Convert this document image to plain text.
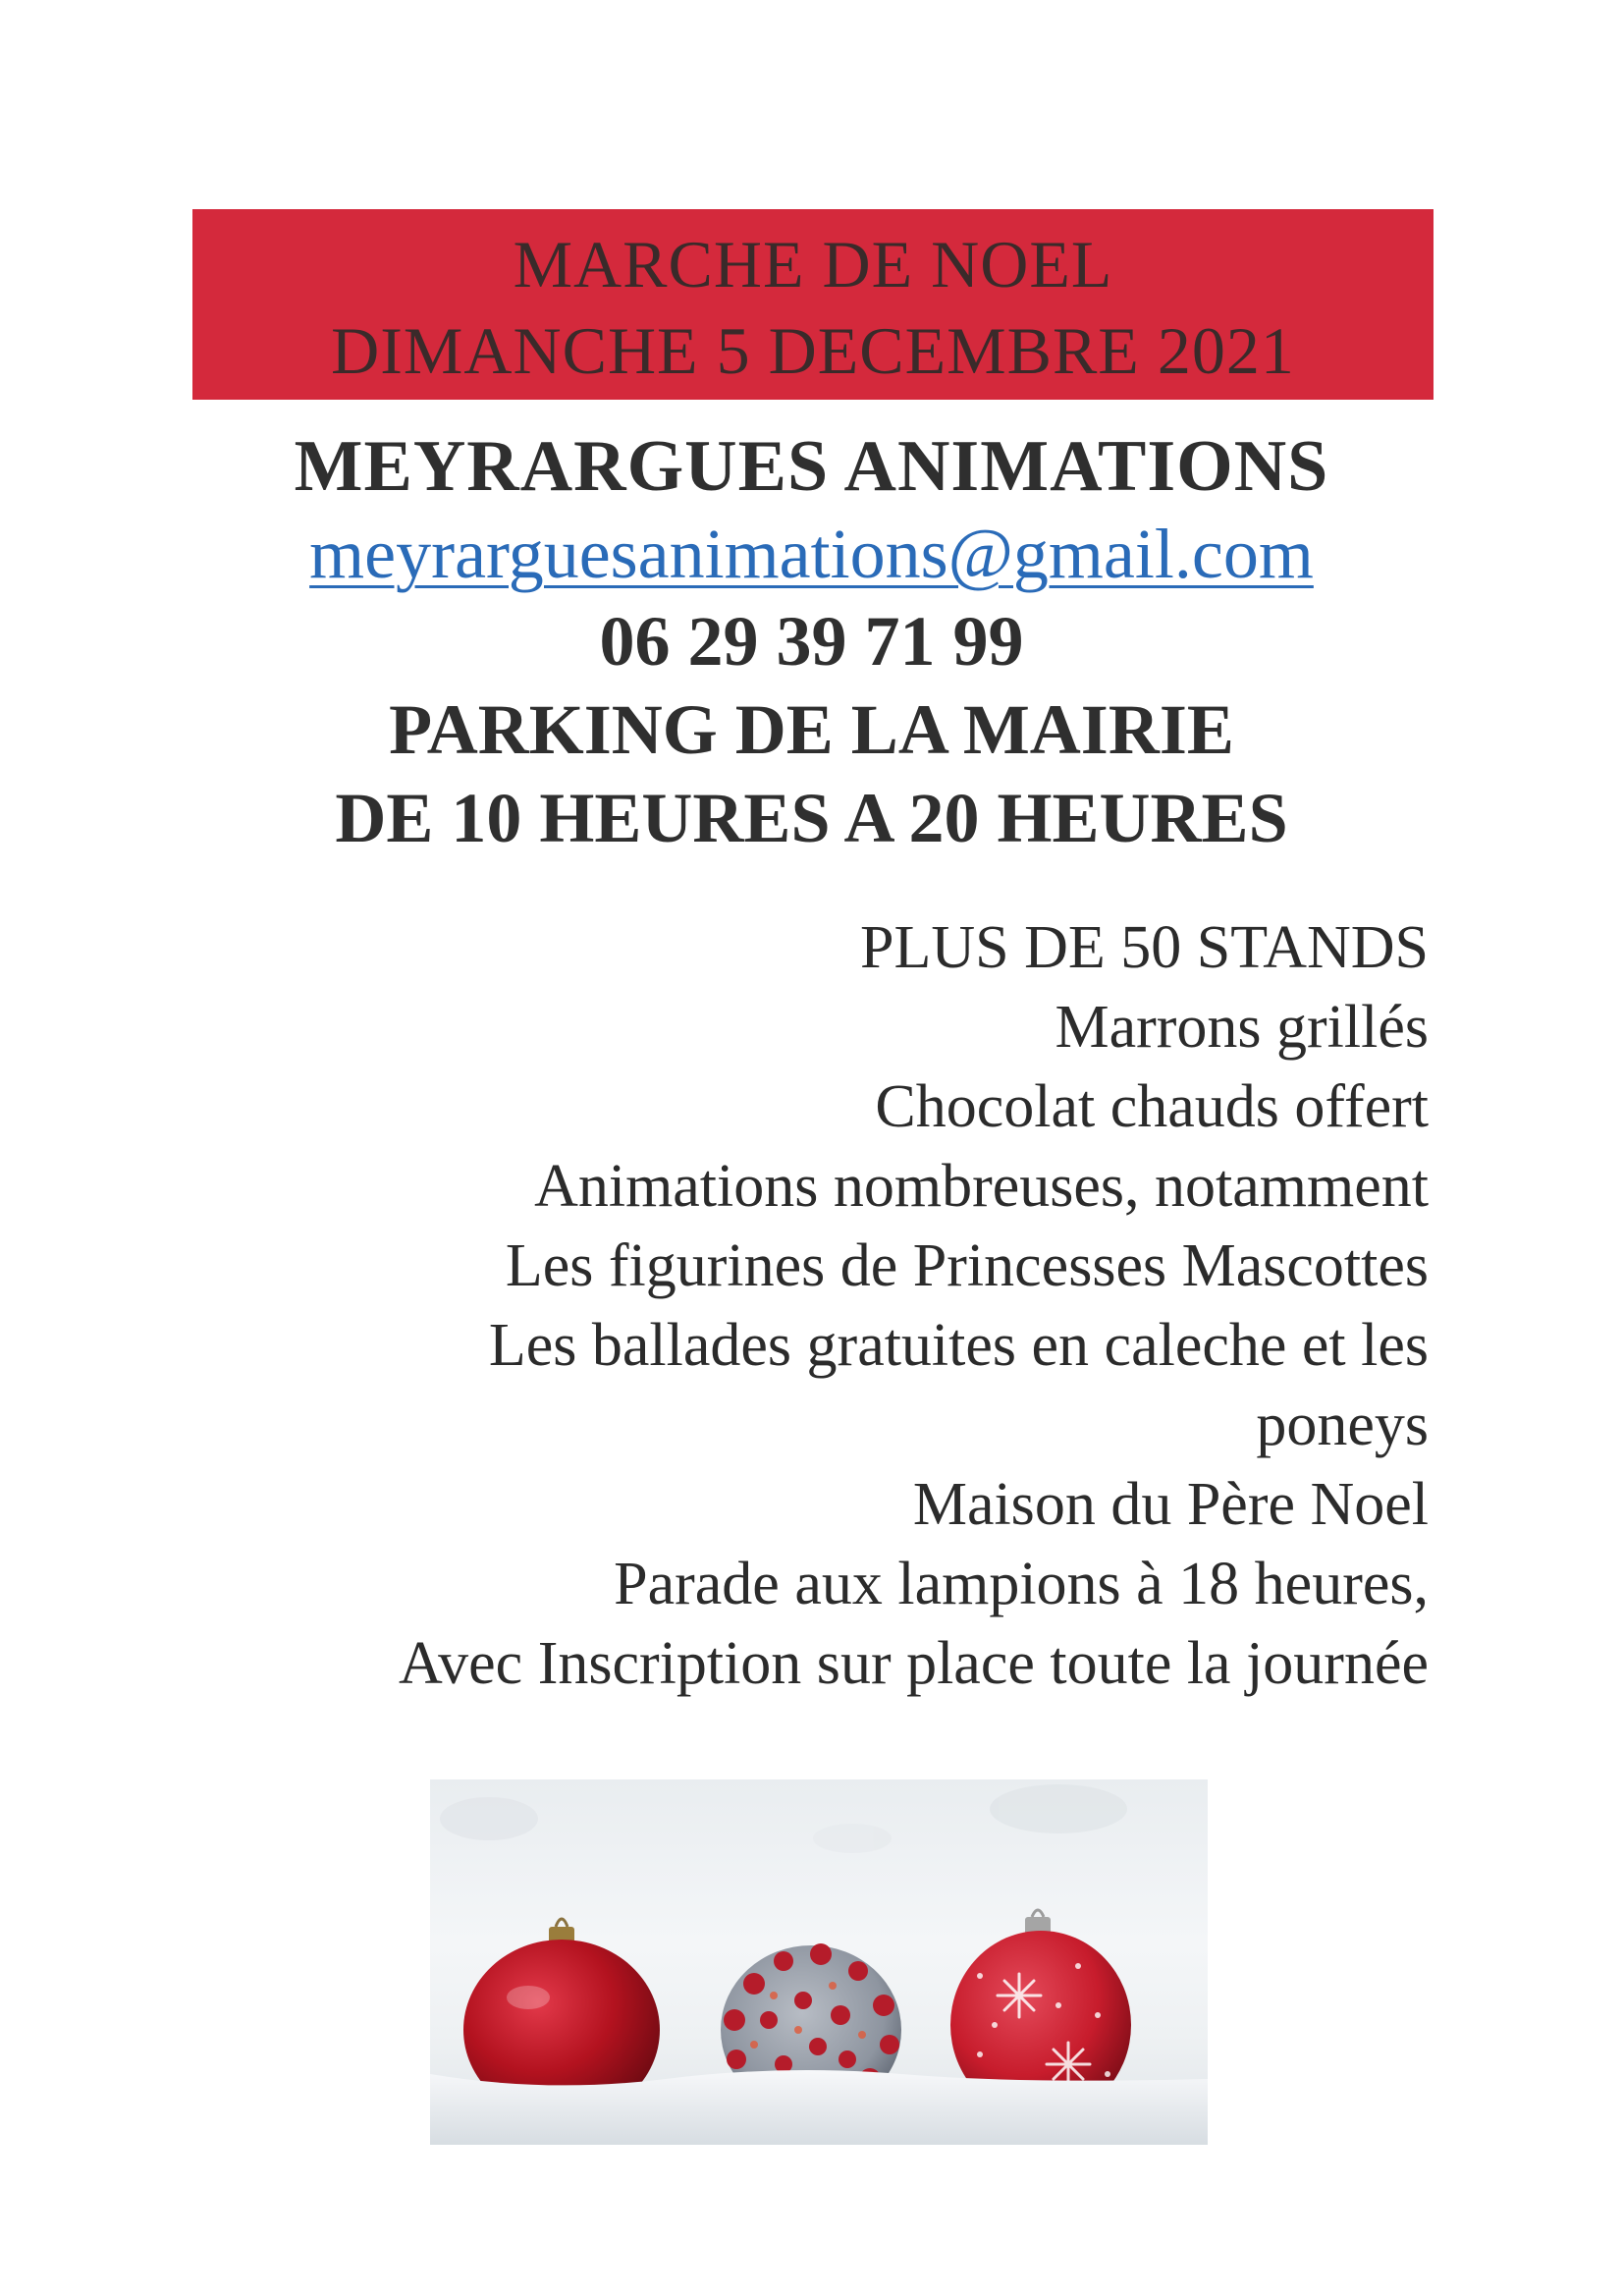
MARCHE DE NOEL
DIMANCHE 5 DECEMBRE 2021
MEYRARGUES ANIMATIONS
meyrarguesanimations@gmail.com
06 29 39 71 99
PARKING DE LA MAIRIE
DE 10 HEURES A 20 HEURES
PLUS DE 50 STANDS
Marrons grillés
Chocolat chauds offert
Animations nombreuses, notamment
Les figurines de Princesses Mascottes
Les ballades gratuites en caleche et les
poneys
Maison du Père Noel
Parade aux lampions à 18 heures,
Avec Inscription sur place toute la journée
